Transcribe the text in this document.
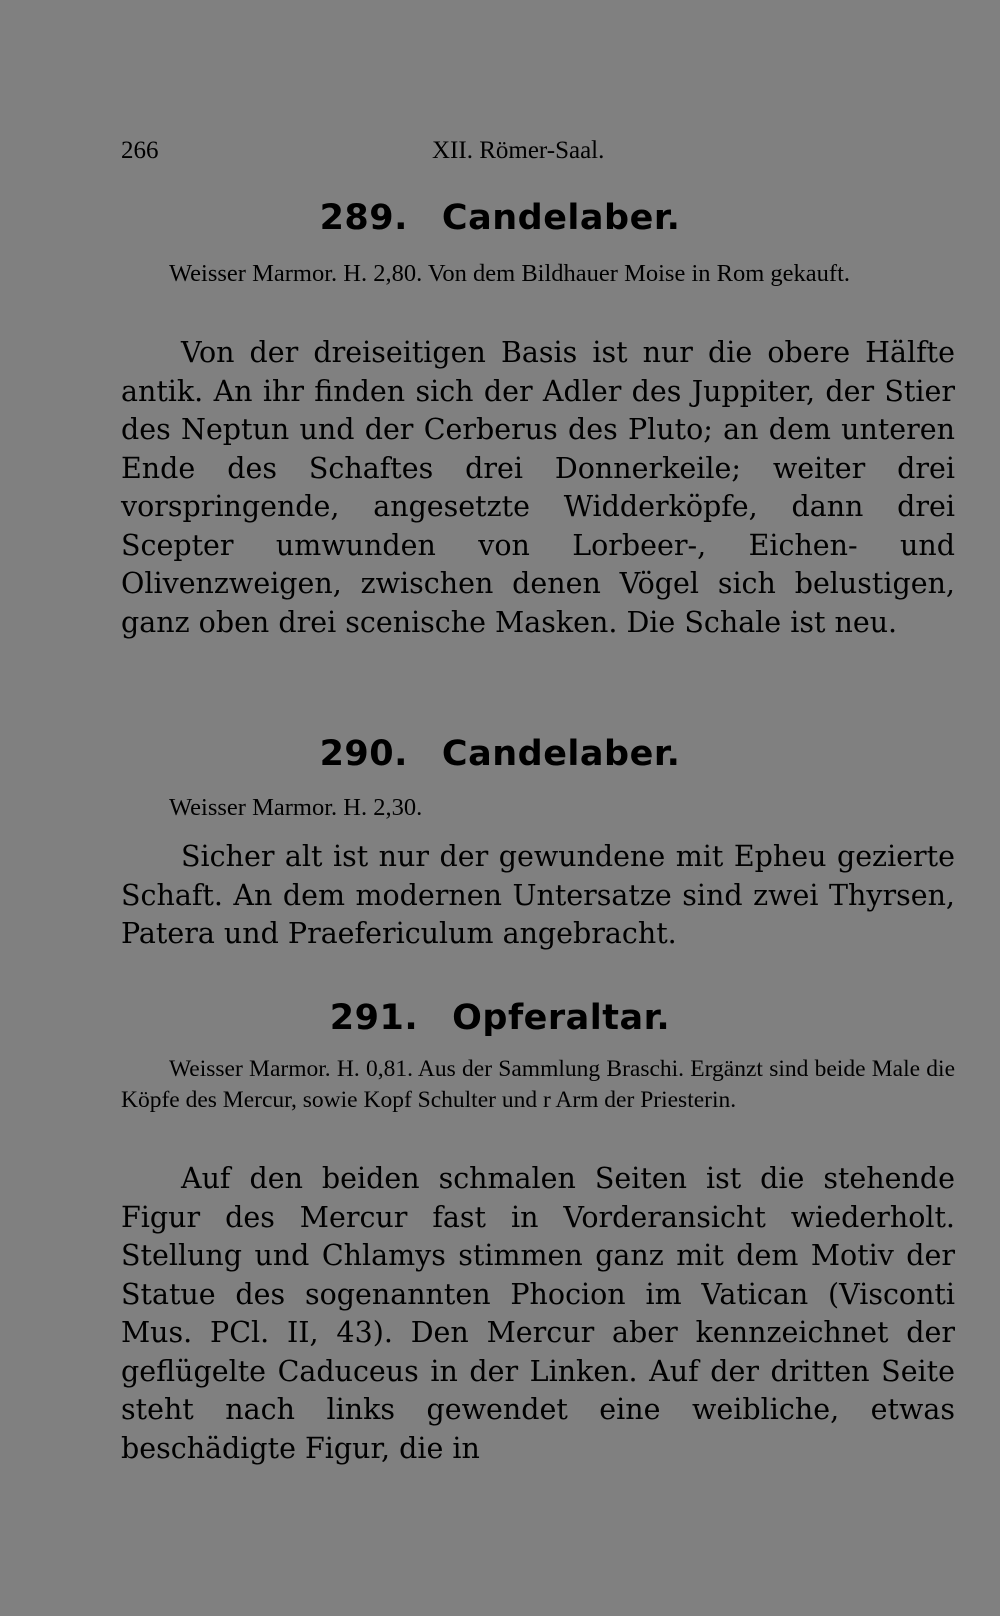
266	XII. Römer-Saal.
289. Candelaber.
Weisser Marmor. H. 2,80. Von dem Bildhauer Moise in Rom gekauft.
Von der dreiseitigen Basis ist nur die obere Hälfte antik. An ihr finden sich der Adler des Juppiter, der Stier des Neptun und der Cerberus des Pluto; an dem unteren Ende des Schaftes drei Donnerkeile; weiter drei vorspringende, angesetzte Widderköpfe, dann drei Scepter umwunden von Lorbeer-, Eichen- und Olivenzweigen, zwischen denen Vögel sich belustigen, ganz oben drei scenische Masken. Die Schale ist neu.
290. Candelaber.
Weisser Marmor. H. 2,30.
Sicher alt ist nur der gewundene mit Epheu gezierte Schaft. An dem modernen Untersatze sind zwei Thyrsen, Patera und Praefericulum angebracht.
291. Opferaltar.
Weisser Marmor. H. 0,81. Aus der Sammlung Braschi. Ergänzt sind beide Male die Köpfe des Mercur, sowie Kopf Schulter und r Arm der Priesterin.
Auf den beiden schmalen Seiten ist die stehende Figur des Mercur fast in Vorderansicht wiederholt. Stellung und Chlamys stimmen ganz mit dem Motiv der Statue des sogenannten Phocion im Vatican (Visconti Mus. PCl. II, 43). Den Mercur aber kennzeichnet der geflügelte Caduceus in der Linken. Auf der dritten Seite steht nach links gewendet eine weibliche, etwas beschädigte Figur, die in
